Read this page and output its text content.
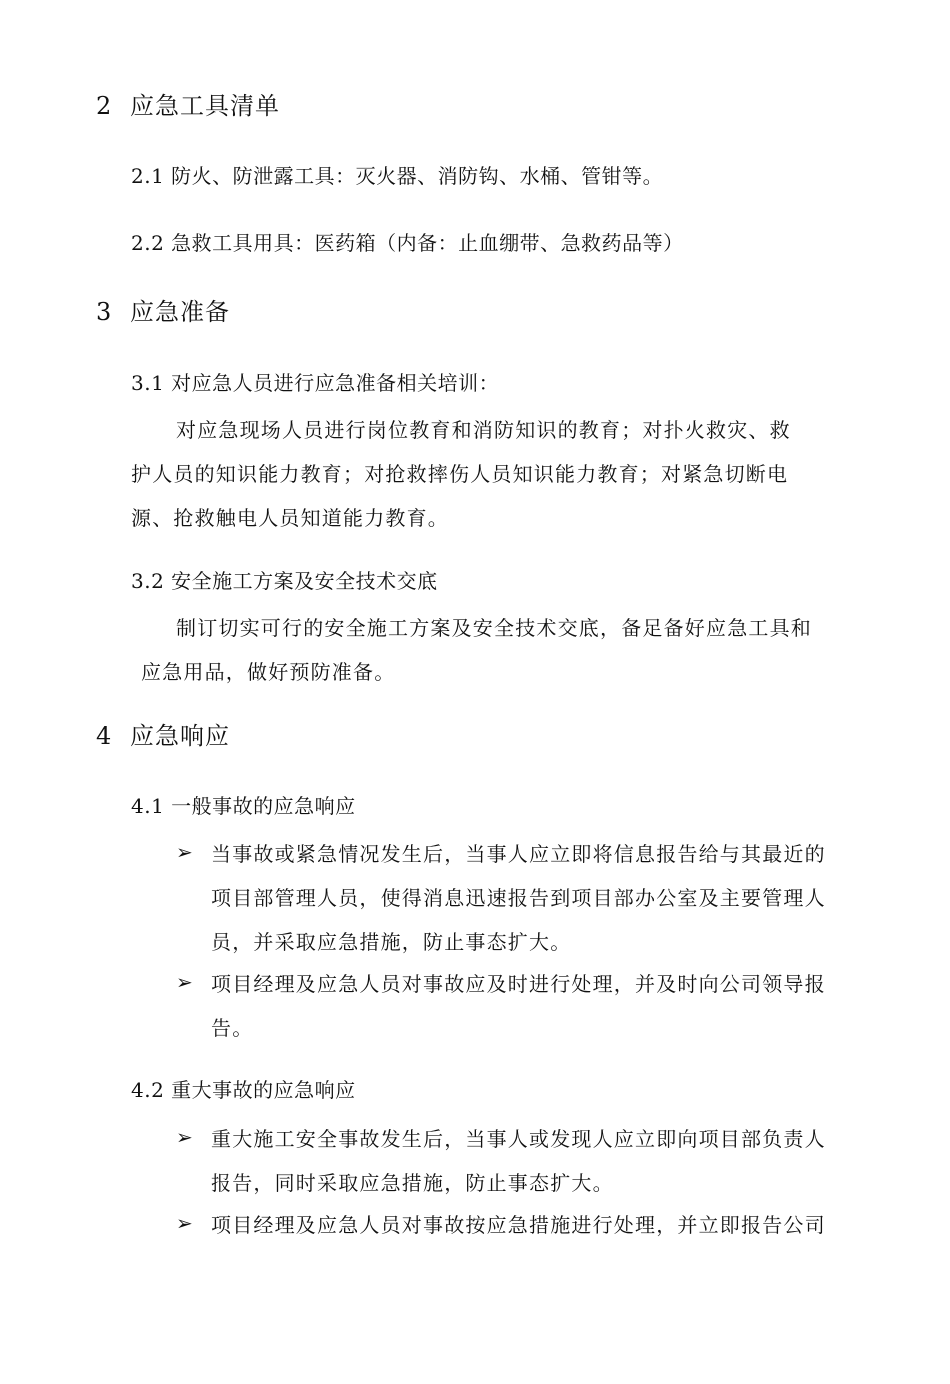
2 应急工具清单
2.1 防火、防泄露工具：灭火器、消防钩、水桶、管钳等。
2.2 急救工具用具：医药箱（内备：止血绷带、急救药品等）
3 应急准备
3.1 对应急人员进行应急准备相关培训：
对应急现场人员进行岗位教育和消防知识的教育；对扑火救灾、救
护人员的知识能力教育；对抢救摔伤人员知识能力教育；对紧急切断电
源、抢救触电人员知道能力教育。
3.2 安全施工方案及安全技术交底
制订切实可行的安全施工方案及安全技术交底，备足备好应急工具和
应急用品，做好预防准备。
4 应急响应
4.1 一般事故的应急响应
➢ 当事故或紧急情况发生后，当事人应立即将信息报告给与其最近的
项目部管理人员，使得消息迅速报告到项目部办公室及主要管理人
员，并采取应急措施，防止事态扩大。
➢ 项目经理及应急人员对事故应及时进行处理，并及时向公司领导报
告。
4.2 重大事故的应急响应
➢ 重大施工安全事故发生后，当事人或发现人应立即向项目部负责人
报告，同时采取应急措施，防止事态扩大。
➢ 项目经理及应急人员对事故按应急措施进行处理，并立即报告公司
